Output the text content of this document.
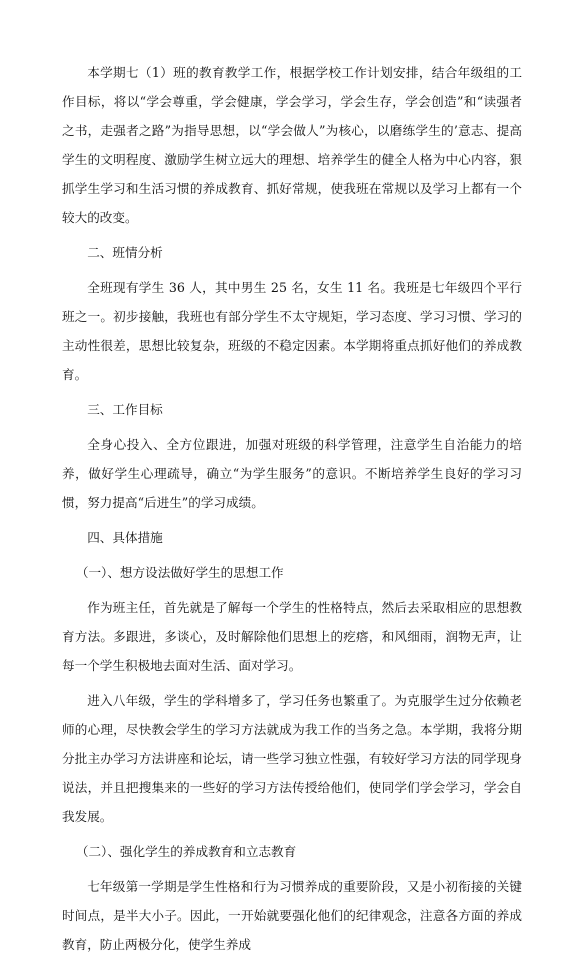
本学期七（1）班的教育教学工作，根据学校工作计划安排，结合年级组的工作目标，将以“学会尊重，学会健康，学会学习，学会生存，学会创造”和“读强者之书，走强者之路”为指导思想，以“学会做人”为核心，以磨练学生的’意志、提高学生的文明程度、激励学生树立远大的理想、培养学生的健全人格为中心内容，狠抓学生学习和生活习惯的养成教育、抓好常规，使我班在常规以及学习上都有一个较大的改变。

二、班情分析

全班现有学生 36 人，其中男生 25 名，女生 11 名。我班是七年级四个平行班之一。初步接触，我班也有部分学生不太守规矩，学习态度、学习习惯、学习的主动性很差，思想比较复杂，班级的不稳定因素。本学期将重点抓好他们的养成教育。

三、工作目标

全身心投入、全方位跟进，加强对班级的科学管理，注意学生自治能力的培养，做好学生心理疏导，确立“为学生服务”的意识。不断培养学生良好的学习习惯，努力提高“后进生”的学习成绩。

四、具体措施

（一）、想方设法做好学生的思想工作

作为班主任，首先就是了解每一个学生的性格特点，然后去采取相应的思想教育方法。多跟进，多谈心，及时解除他们思想上的疙瘩，和风细雨，润物无声，让每一个学生积极地去面对生活、面对学习。

进入八年级，学生的学科增多了，学习任务也繁重了。为克服学生过分依赖老师的心理，尽快教会学生的学习方法就成为我工作的当务之急。本学期，我将分期分批主办学习方法讲座和论坛，请一些学习独立性强，有较好学习方法的同学现身说法，并且把搜集来的一些好的学习方法传授给他们，使同学们学会学习，学会自我发展。

（二）、强化学生的养成教育和立志教育

七年级第一学期是学生性格和行为习惯养成的重要阶段，又是小初衔接的关键时间点，是半大小子。因此，一开始就要强化他们的纪律观念，注意各方面的养成教育，防止两极分化，使学生养成
